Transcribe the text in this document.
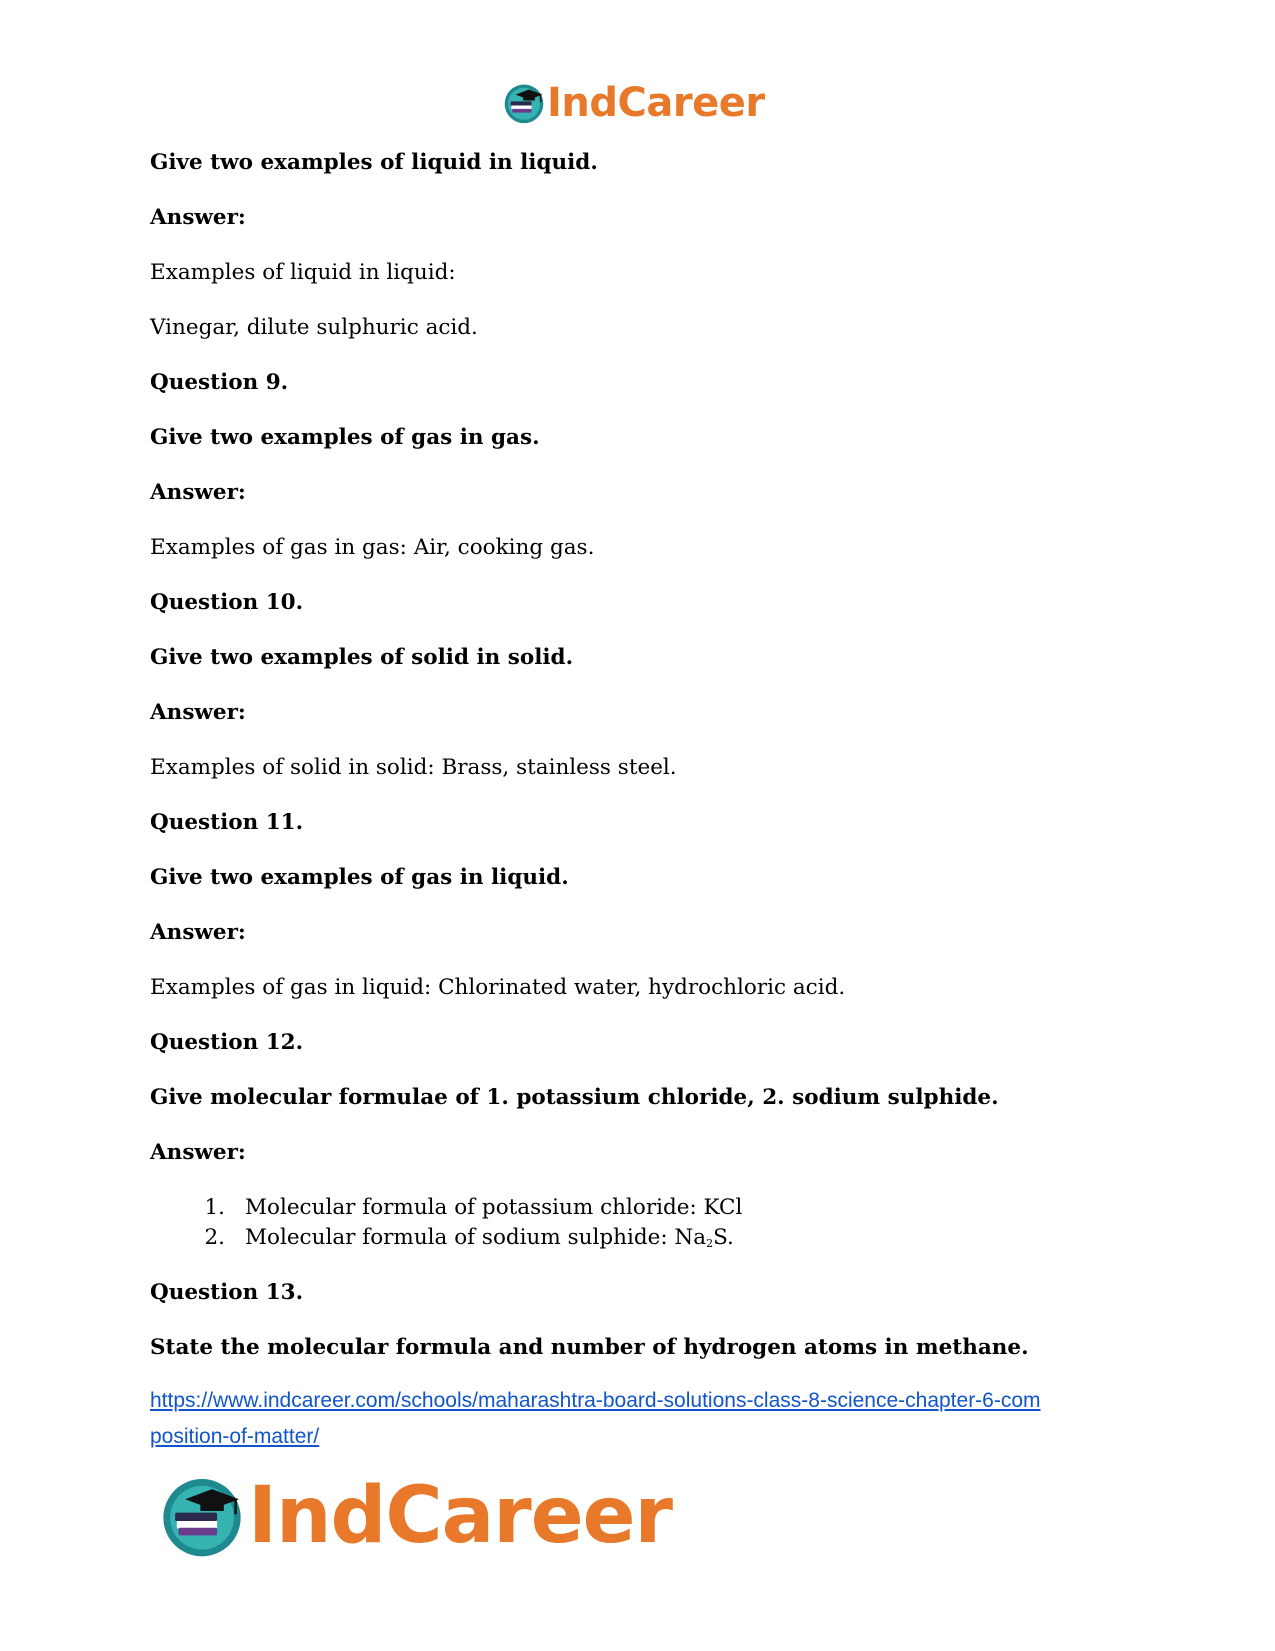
IndCareer
Give two examples of liquid in liquid.
Answer:
Examples of liquid in liquid:
Vinegar, dilute sulphuric acid.
Question 9.
Give two examples of gas in gas.
Answer:
Examples of gas in gas: Air, cooking gas.
Question 10.
Give two examples of solid in solid.
Answer:
Examples of solid in solid: Brass, stainless steel.
Question 11.
Give two examples of gas in liquid.
Answer:
Examples of gas in liquid: Chlorinated water, hydrochloric acid.
Question 12.
Give molecular formulae of 1. potassium chloride, 2. sodium sulphide.
Answer:
1. Molecular formula of potassium chloride: KCl
2. Molecular formula of sodium sulphide: $Na_2S$.
Question 13.
State the molecular formula and number of hydrogen atoms in methane.
https://www.indcareer.com/schools/maharashtra-board-solutions-class-8-science-chapter-6-com
position-of-matter/
IndCareer
